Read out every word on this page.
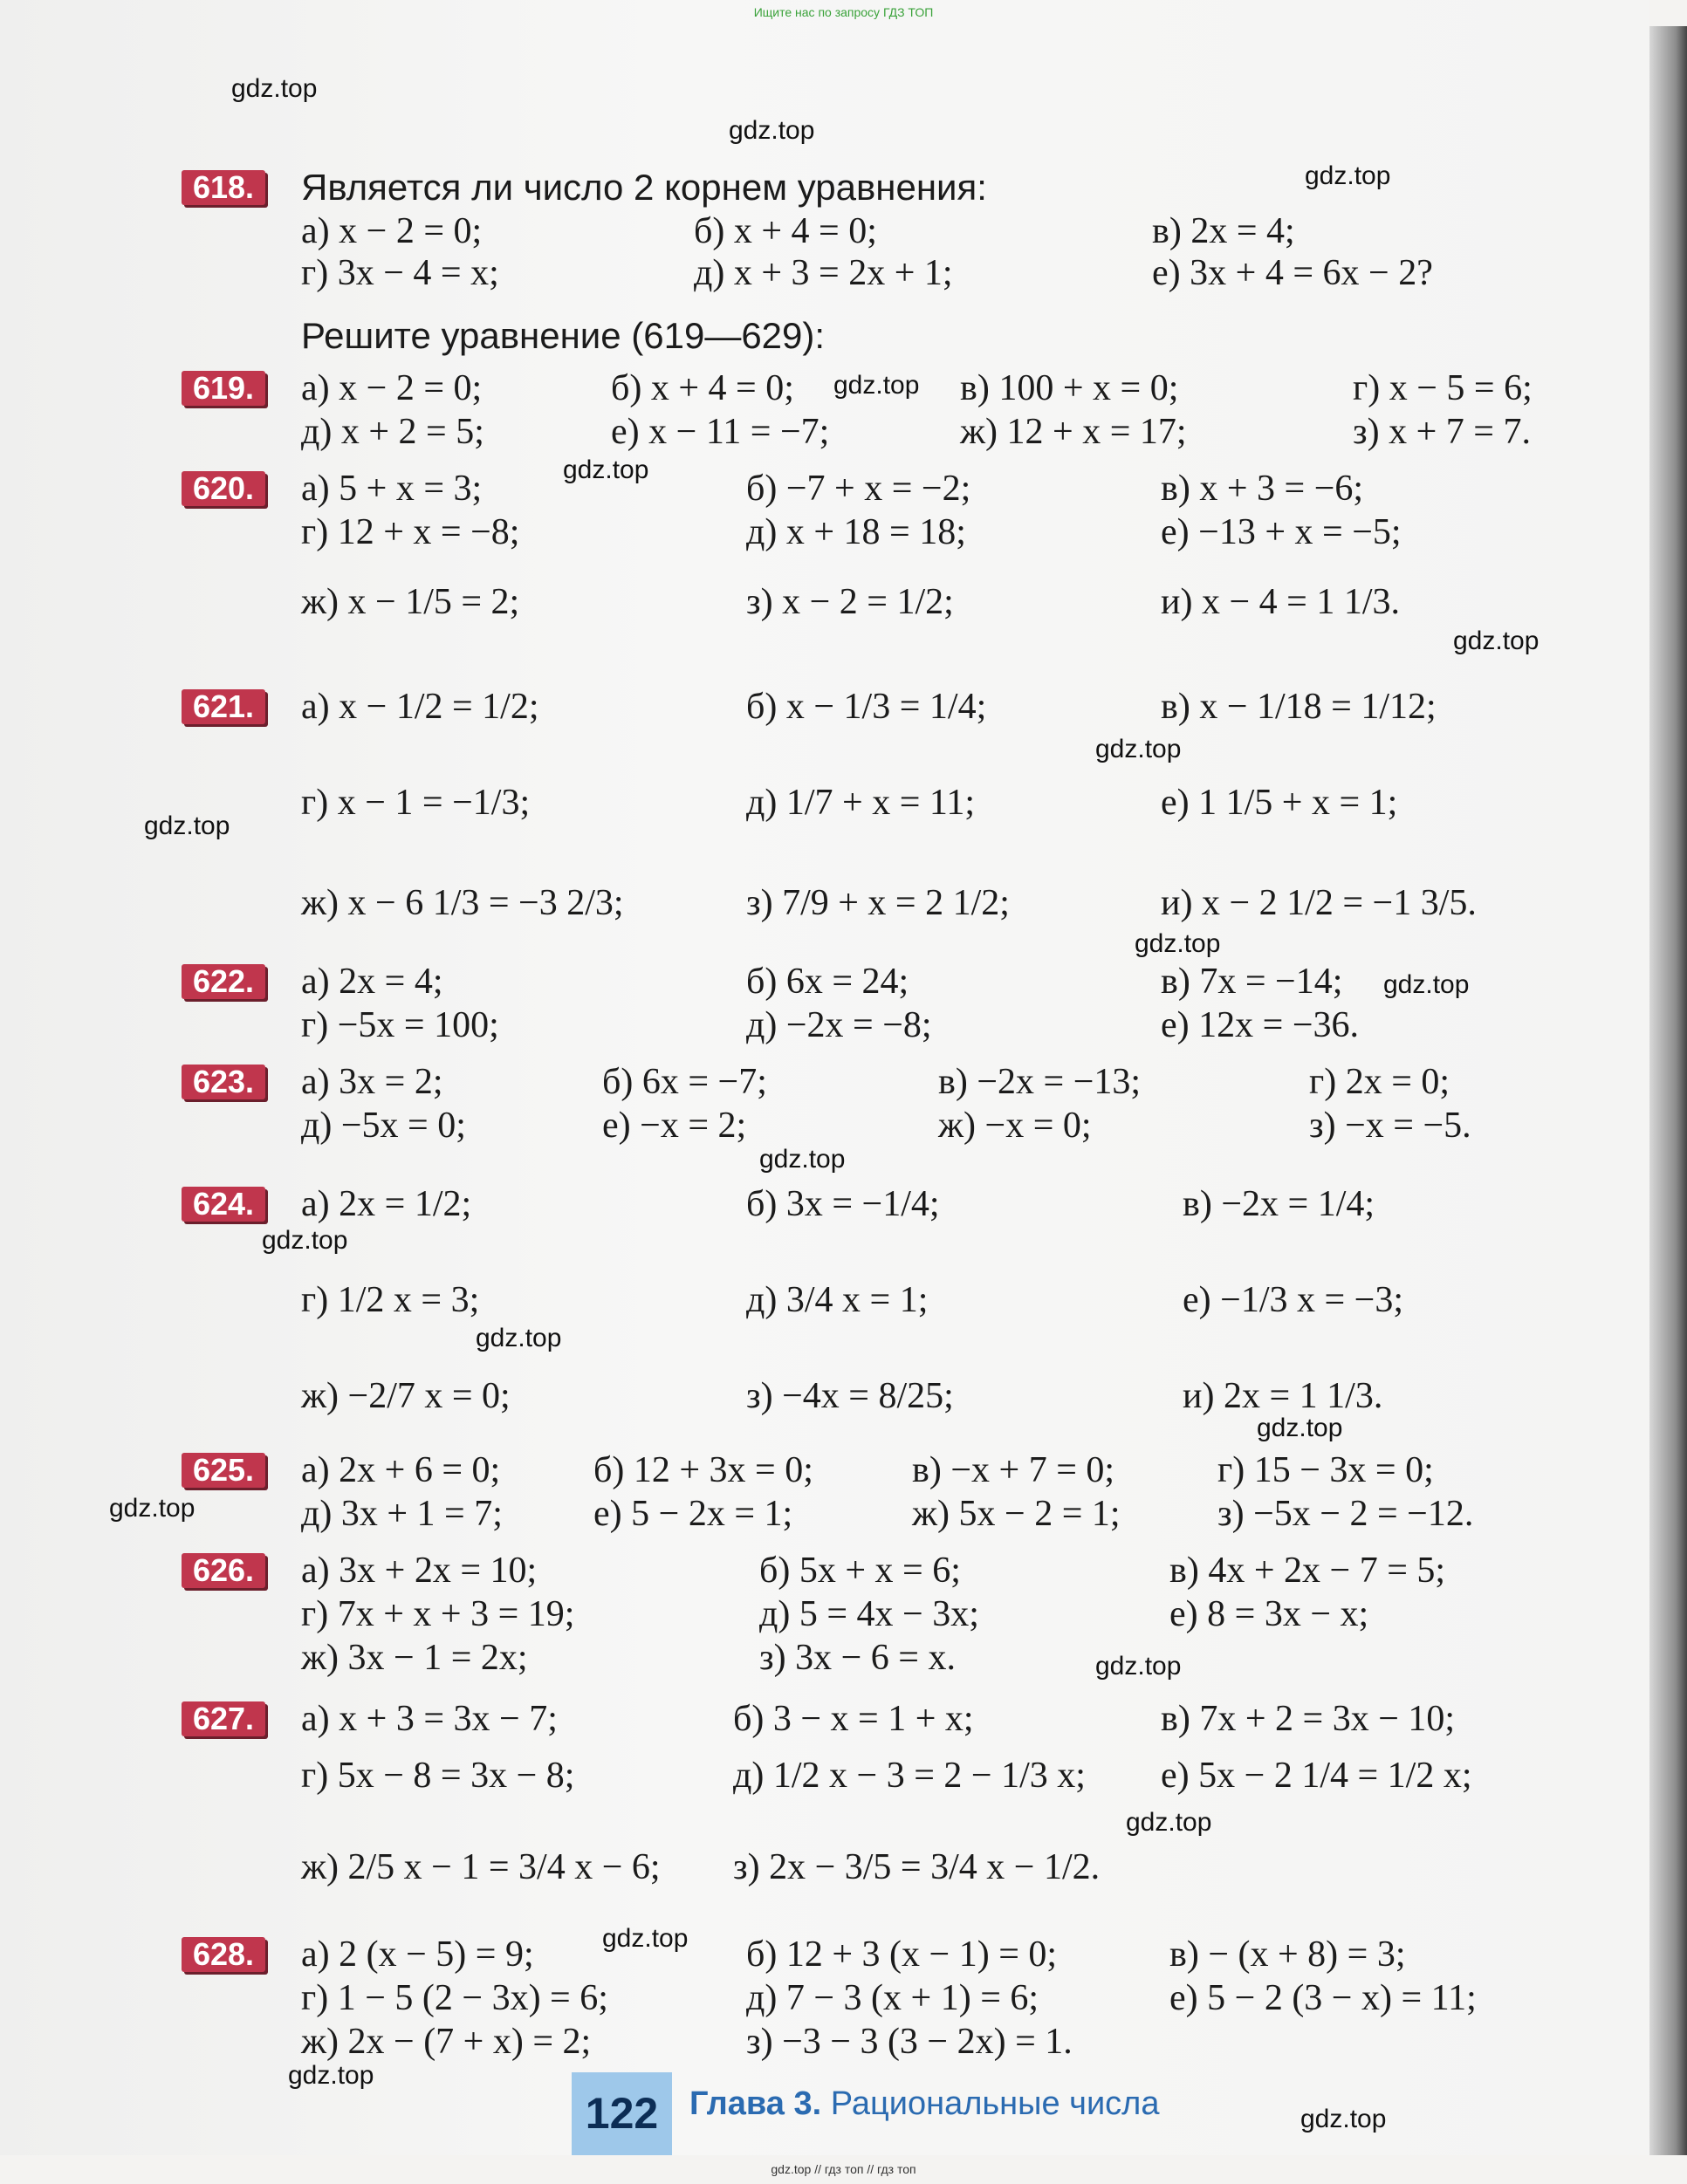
Ищите нас по запросу ГДЗ ТОП
gdz.top
gdz.top
gdz.top
gdz.top
gdz.top
gdz.top
gdz.top
gdz.top
gdz.top
gdz.top
gdz.top
gdz.top
gdz.top
gdz.top
gdz.top
gdz.top
gdz.top
gdz.top
gdz.top
gdz.top
618.	Является ли число 2 корнем уравнения:
а) x − 2 = 0;	б) x + 4 = 0;	в) 2x = 4;
г) 3x − 4 = x;	д) x + 3 = 2x + 1;	е) 3x + 4 = 6x − 2?
Решите уравнение (619—629):
619.	а) x − 2 = 0;	б) x + 4 = 0;	в) 100 + x = 0;	г) x − 5 = 6;
д) x + 2 = 5;	е) x − 11 = −7;	ж) 12 + x = 17;	з) x + 7 = 7.
620.	а) 5 + x = 3;	б) −7 + x = −2;	в) x + 3 = −6;
г) 12 + x = −8;	д) x + 18 = 18;	е) −13 + x = −5;
ж) x − 1/5 = 2;	з) x − 2 = 1/2;	и) x − 4 = 1 1/3.
621.	а) x − 1/2 = 1/2;	б) x − 1/3 = 1/4;	в) x − 1/18 = 1/12;
г) x − 1 = −1/3;	д) 1/7 + x = 11;	е) 1 1/5 + x = 1;
ж) x − 6 1/3 = −3 2/3;	з) 7/9 + x = 2 1/2;	и) x − 2 1/2 = −1 3/5.
622.	а) 2x = 4;	б) 6x = 24;	в) 7x = −14;
г) −5x = 100;	д) −2x = −8;	е) 12x = −36.
623.	а) 3x = 2;	б) 6x = −7;	в) −2x = −13;	г) 2x = 0;
д) −5x = 0;	е) −x = 2;	ж) −x = 0;	з) −x = −5.
624.	а) 2x = 1/2;	б) 3x = −1/4;	в) −2x = 1/4;
г) 1/2 x = 3;	д) 3/4 x = 1;	е) −1/3 x = −3;
ж) −2/7 x = 0;	з) −4x = 8/25;	и) 2x = 1 1/3.
625.	а) 2x + 6 = 0;	б) 12 + 3x = 0;	в) −x + 7 = 0;	г) 15 − 3x = 0;
д) 3x + 1 = 7; е) 5 − 2x = 1;	ж) 5x − 2 = 1;	з) −5x − 2 = −12.
626.	а) 3x + 2x = 10;	б) 5x + x = 6;	в) 4x + 2x − 7 = 5;
г) 7x + x + 3 = 19;	д) 5 = 4x − 3x;	е) 8 = 3x − x;
ж) 3x − 1 = 2x;	з) 3x − 6 = x.
627.	а) x + 3 = 3x − 7;	б) 3 − x = 1 + x;	в) 7x + 2 = 3x − 10;
г) 5x − 8 = 3x − 8;	д) 1/2 x − 3 = 2 − 1/3 x; е) 5x − 2 1/4 = 1/2 x;
ж) 2/5 x − 1 = 3/4 x − 6; з) 2x − 3/5 = 3/4 x − 1/2.
628.	а) 2 (x − 5) = 9;	б) 12 + 3 (x − 1) = 0;	в) − (x + 8) = 3;
г) 1 − 5 (2 − 3x) = 6;	д) 7 − 3 (x + 1) = 6;	е) 5 − 2 (3 − x) = 11;
ж) 2x − (7 + x) = 2;	з) −3 − 3 (3 − 2x) = 1.
122 Глава 3. Рациональные числа
gdz.top // гдз топ // гдз топ
